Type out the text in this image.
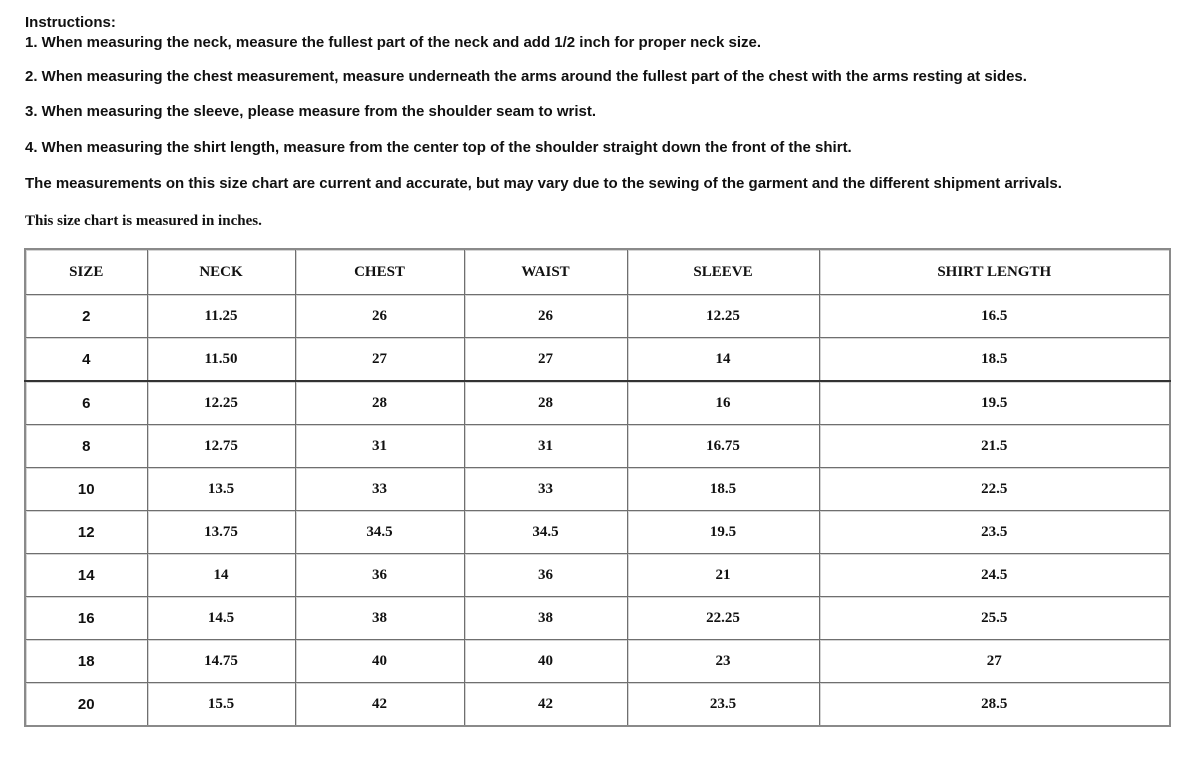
Instructions:

1. When measuring the neck, measure the fullest part of the neck and add 1/2 inch for proper neck size.

2. When measuring the chest measurement, measure underneath the arms around the fullest part of the chest with the arms resting at sides.

3. When measuring the sleeve, please measure from the shoulder seam to wrist.

4. When measuring the shirt length, measure from the center top of the shoulder straight down the front of the shirt.

The measurements on this size chart are current and accurate, but may vary due to the sewing of the garment and the different shipment arrivals.

This size chart is measured in inches.

SIZE	NECK	CHEST	WAIST	SLEEVE	SHIRT LENGTH
2	11.25	26	26	12.25	16.5
4	11.50	27	27	14	18.5
6	12.25	28	28	16	19.5
8	12.75	31	31	16.75	21.5
10	13.5	33	33	18.5	22.5
12	13.75	34.5	34.5	19.5	23.5
14	14	36	36	21	24.5
16	14.5	38	38	22.25	25.5
18	14.75	40	40	23	27
20	15.5	42	42	23.5	28.5
